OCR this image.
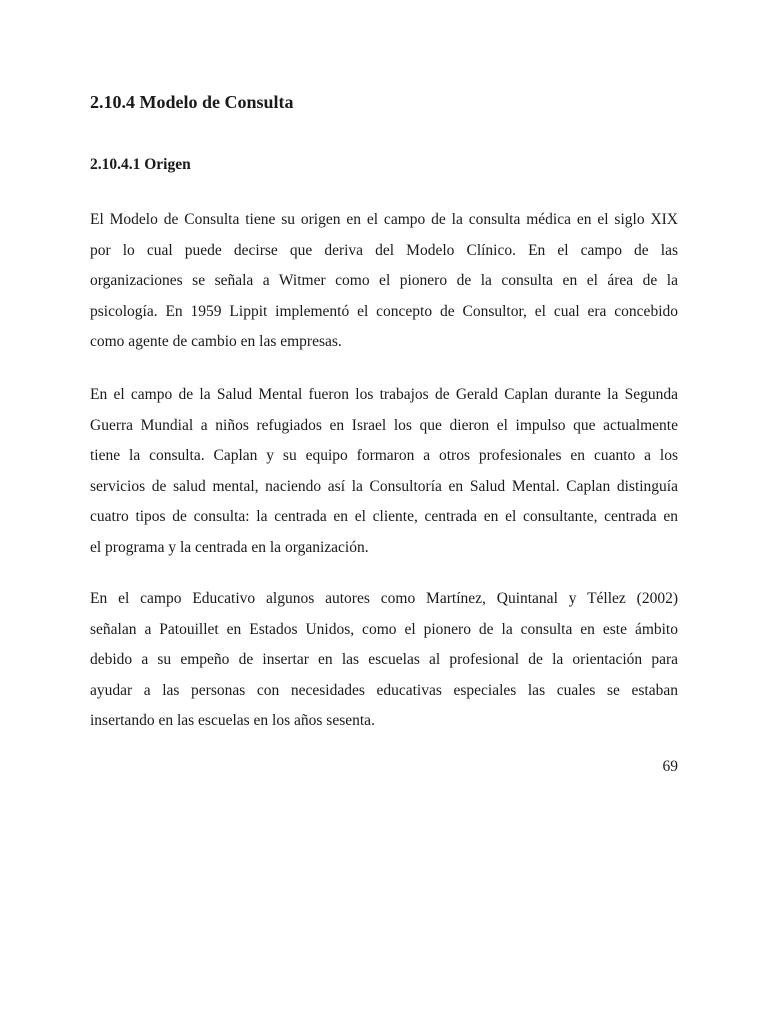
2.10.4 Modelo de Consulta
2.10.4.1 Origen

El Modelo de Consulta tiene su origen en el campo de la consulta médica en el siglo XIX
por lo cual puede decirse que deriva del Modelo Clínico. En el campo de las
organizaciones se señala a Witmer como el pionero de la consulta en el área de la
psicología. En 1959 Lippit implementó el concepto de Consultor, el cual era concebido
como agente de cambio en las empresas.

En el campo de la Salud Mental fueron los trabajos de Gerald Caplan durante la Segunda
Guerra Mundial a niños refugiados en Israel los que dieron el impulso que actualmente
tiene la consulta. Caplan y su equipo formaron a otros profesionales en cuanto a los
servicios de salud mental, naciendo así la Consultoría en Salud Mental. Caplan distinguía
cuatro tipos de consulta: la centrada en el cliente, centrada en el consultante, centrada en
el programa y la centrada en la organización.

En el campo Educativo algunos autores como Martínez, Quintanal y Téllez (2002)
señalan a Patouillet en Estados Unidos, como el pionero de la consulta en este ámbito
debido a su empeño de insertar en las escuelas al profesional de la orientación para
ayudar a las personas con necesidades educativas especiales las cuales se estaban
insertando en las escuelas en los años sesenta.

69
